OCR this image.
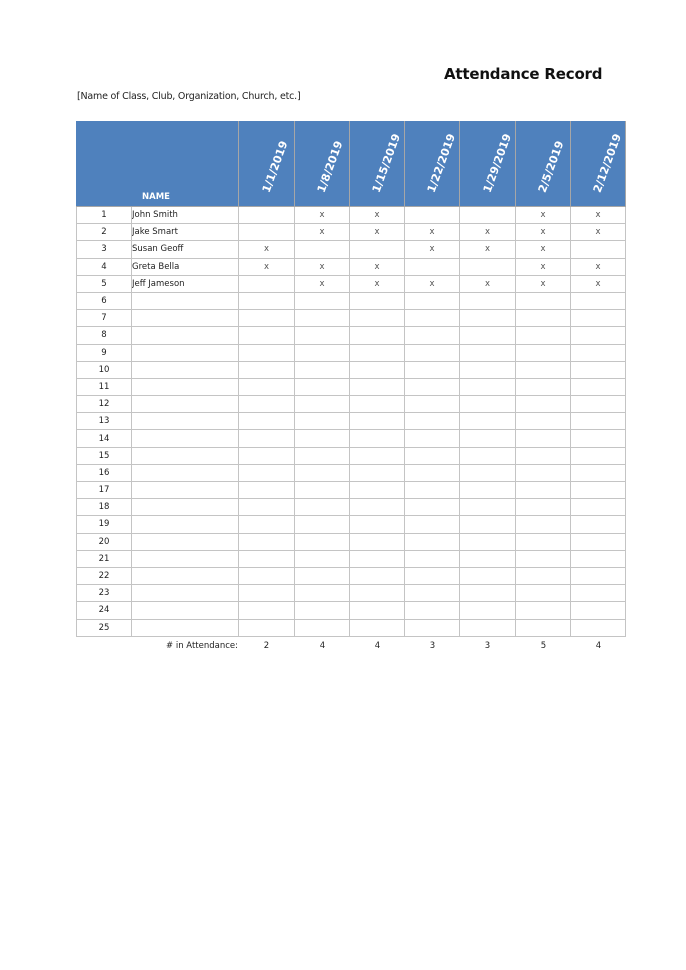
Attendance Record
[Name of Class, Club, Organization, Church, etc.]

	NAME	1/1/2019	1/8/2019	1/15/2019	1/22/2019	1/29/2019	2/5/2019	2/12/2019

1	John Smith		x	x			x	x
2	Jake Smart		x	x	x	x	x	x
3	Susan Geoff	x			x	x	x	
4	Greta Bella	x	x	x			x	x
5	Jeff Jameson		x	x	x	x	x	x
6								
7								
8								
9								
10								
11								
12								
13								
14								
15								
16								
17								
18								
19								
20								
21								
22								
23								
24								
25								
# in Attendance:	2	4	4	3	3	5	4
